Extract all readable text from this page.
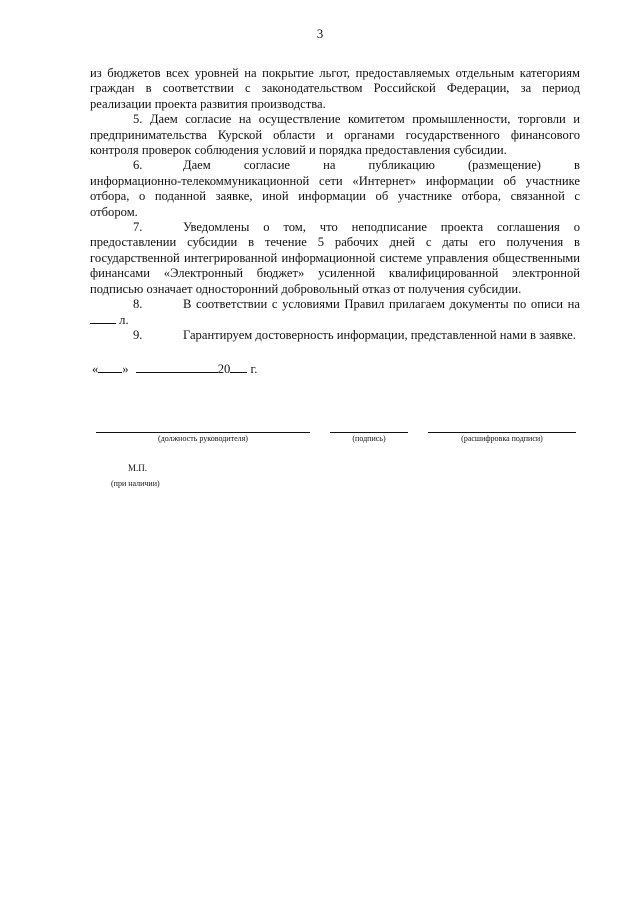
3

из бюджетов всех уровней на покрытие льгот, предоставляемых отдельным категориям граждан в соответствии с законодательством Российской Федерации, за период реализации проекта развития производства.

5. Даем согласие на осуществление комитетом промышленности, торговли и предпринимательства Курской области и органами государственного финансового контроля проверок соблюдения условий и порядка предоставления субсидии.

6.	Даем согласие на публикацию (размещение) в

информационно-телекоммуникационной сети «Интернет» информации об участнике отбора, о поданной заявке, иной информации об участнике отбора, связанной с отбором.

7.	Уведомлены о том, что неподписание проекта соглашения о

предоставлении субсидии в течение 5 рабочих дней с даты его получения в государственной интегрированной информационной системе управления общественными финансами «Электронный бюджет» усиленной квалифицированной электронной подписью означает односторонний добровольный отказ от получения субсидии.

8.	В соответствии с условиями Правил прилагаем документы по описи на

л.

9.	Гарантируем достоверность информации, представленной нами в заявке.
« »	20 г.
(должность руководителя)	(подпись)	(расшифровка подписи)
М.П.
(при наличии)
